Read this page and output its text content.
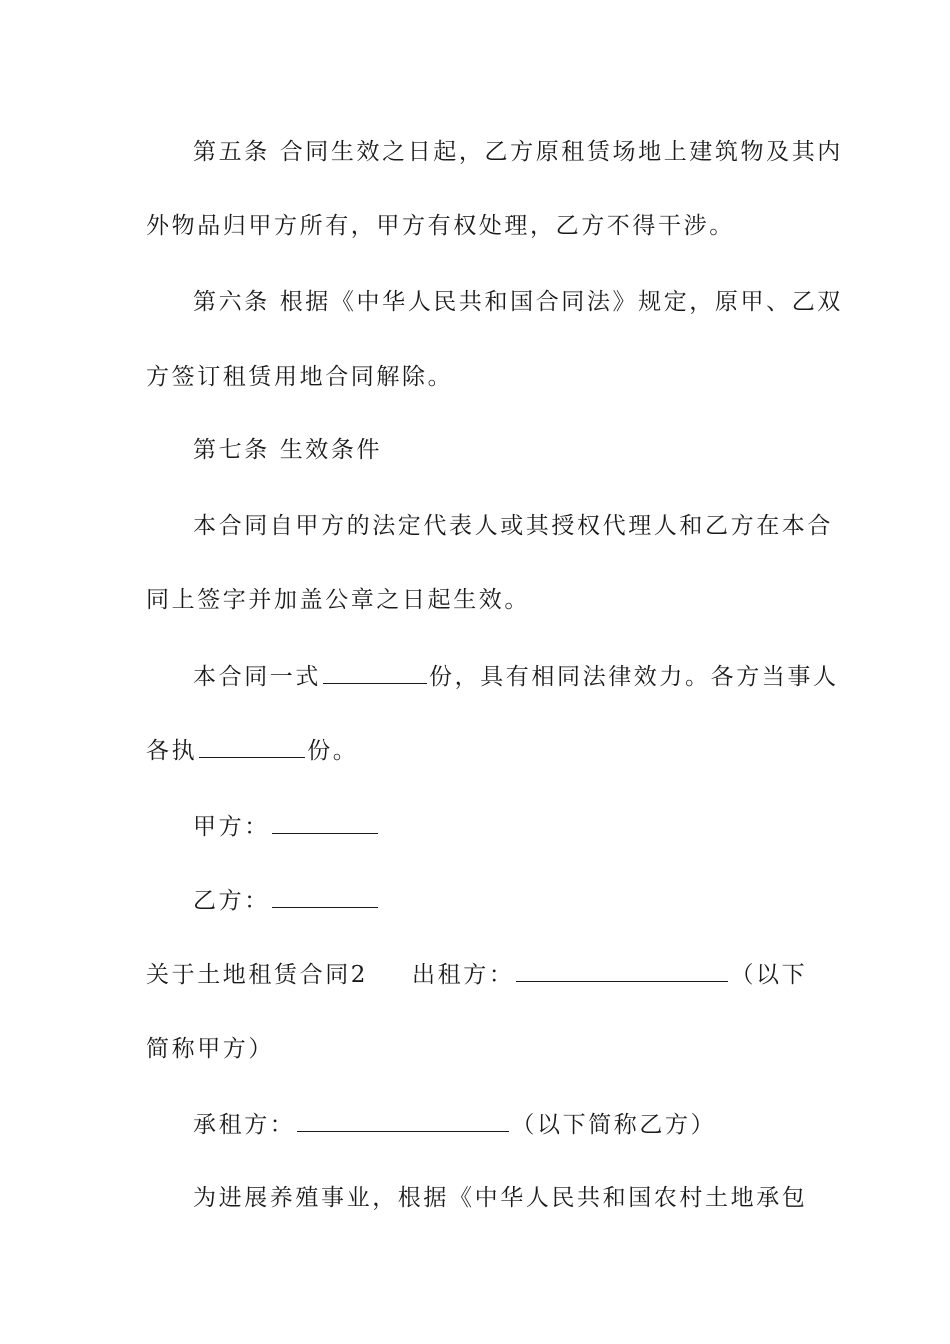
第五条 合同生效之日起，乙方原租赁场地上建筑物及其内
外物品归甲方所有，甲方有权处理，乙方不得干涉。
第六条 根据《中华人民共和国合同法》规定，原甲、乙双
方签订租赁用地合同解除。
第七条 生效条件
本合同自甲方的法定代表人或其授权代理人和乙方在本合
同上签字并加盖公章之日起生效。
本合同一式	份，具有相同法律效力。各方当事人
各执	份。
甲方：
乙方：
关于土地租赁合同2 出租方：	（以下
简称甲方）
承租方：	（以下简称乙方）
为进展养殖事业，根据《中华人民共和国农村土地承包
